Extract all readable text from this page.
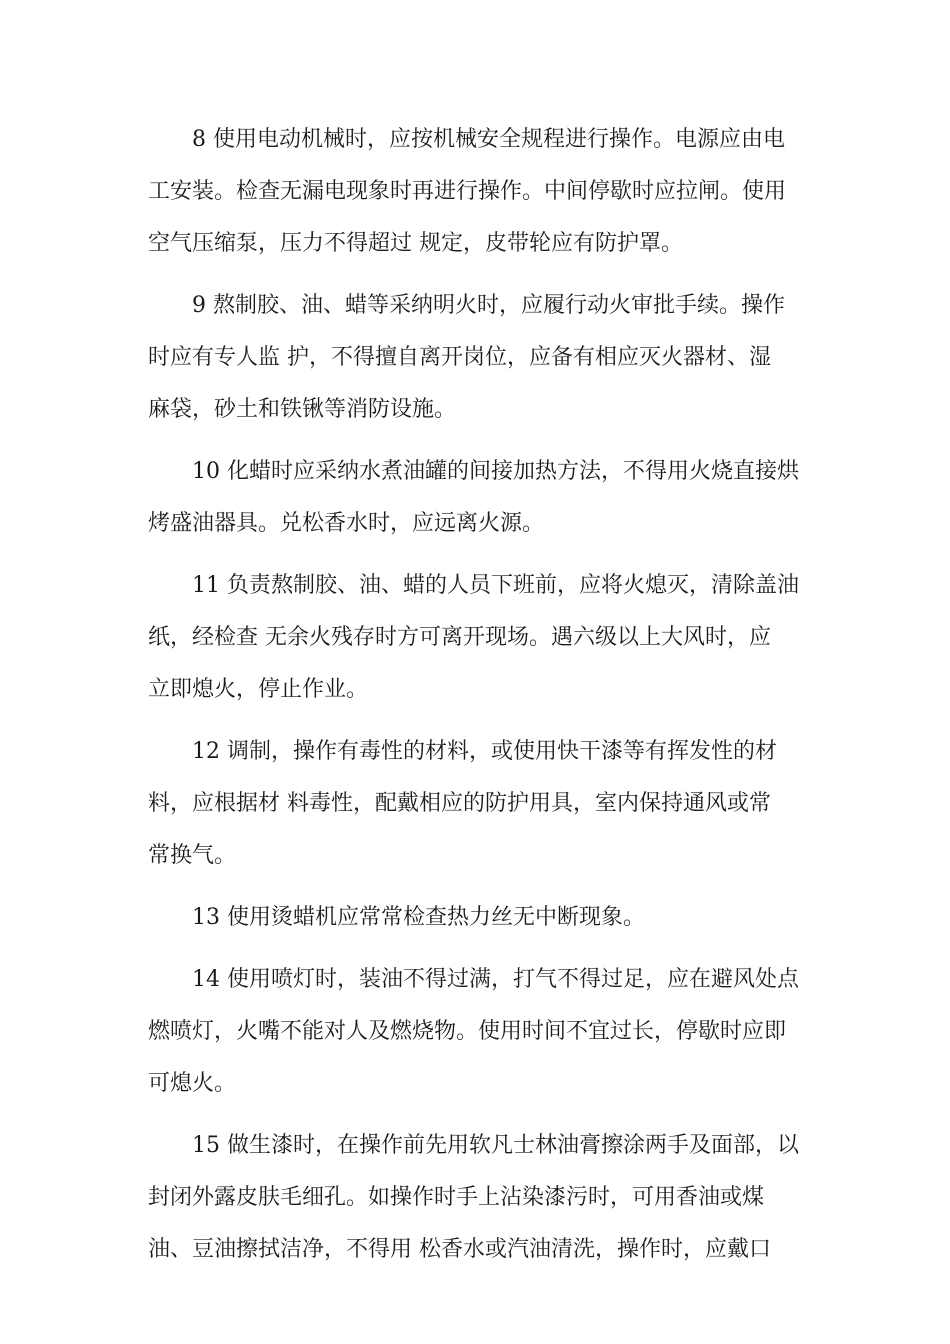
8 使用电动机械时，应按机械安全规程进行操作。电源应由电
工安装。检查无漏电现象时再进行操作。中间停歇时应拉闸。使用
空气压缩泵，压力不得超过 规定，皮带轮应有防护罩。

9 熬制胶、油、蜡等采纳明火时，应履行动火审批手续。操作
时应有专人监 护，不得擅自离开岗位，应备有相应灭火器材、湿
麻袋，砂土和铁锹等消防设施。

10 化蜡时应采纳水煮油罐的间接加热方法，不得用火烧直接烘
烤盛油器具。兑松香水时，应远离火源。

11 负责熬制胶、油、蜡的人员下班前，应将火熄灭，清除盖油
纸，经检查 无余火残存时方可离开现场。遇六级以上大风时，应
立即熄火，停止作业。

12 调制，操作有毒性的材料，或使用快干漆等有挥发性的材
料，应根据材 料毒性，配戴相应的防护用具，室内保持通风或常
常换气。

13 使用烫蜡机应常常检查热力丝无中断现象。

14 使用喷灯时，装油不得过满，打气不得过足，应在避风处点
燃喷灯，火嘴不能对人及燃烧物。使用时间不宜过长，停歇时应即
可熄火。

15 做生漆时，在操作前先用软凡士林油膏擦涂两手及面部，以
封闭外露皮肤毛细孔。如操作时手上沾染漆污时，可用香油或煤
油、豆油擦拭洁净，不得用 松香水或汽油清洗，操作时，应戴口
